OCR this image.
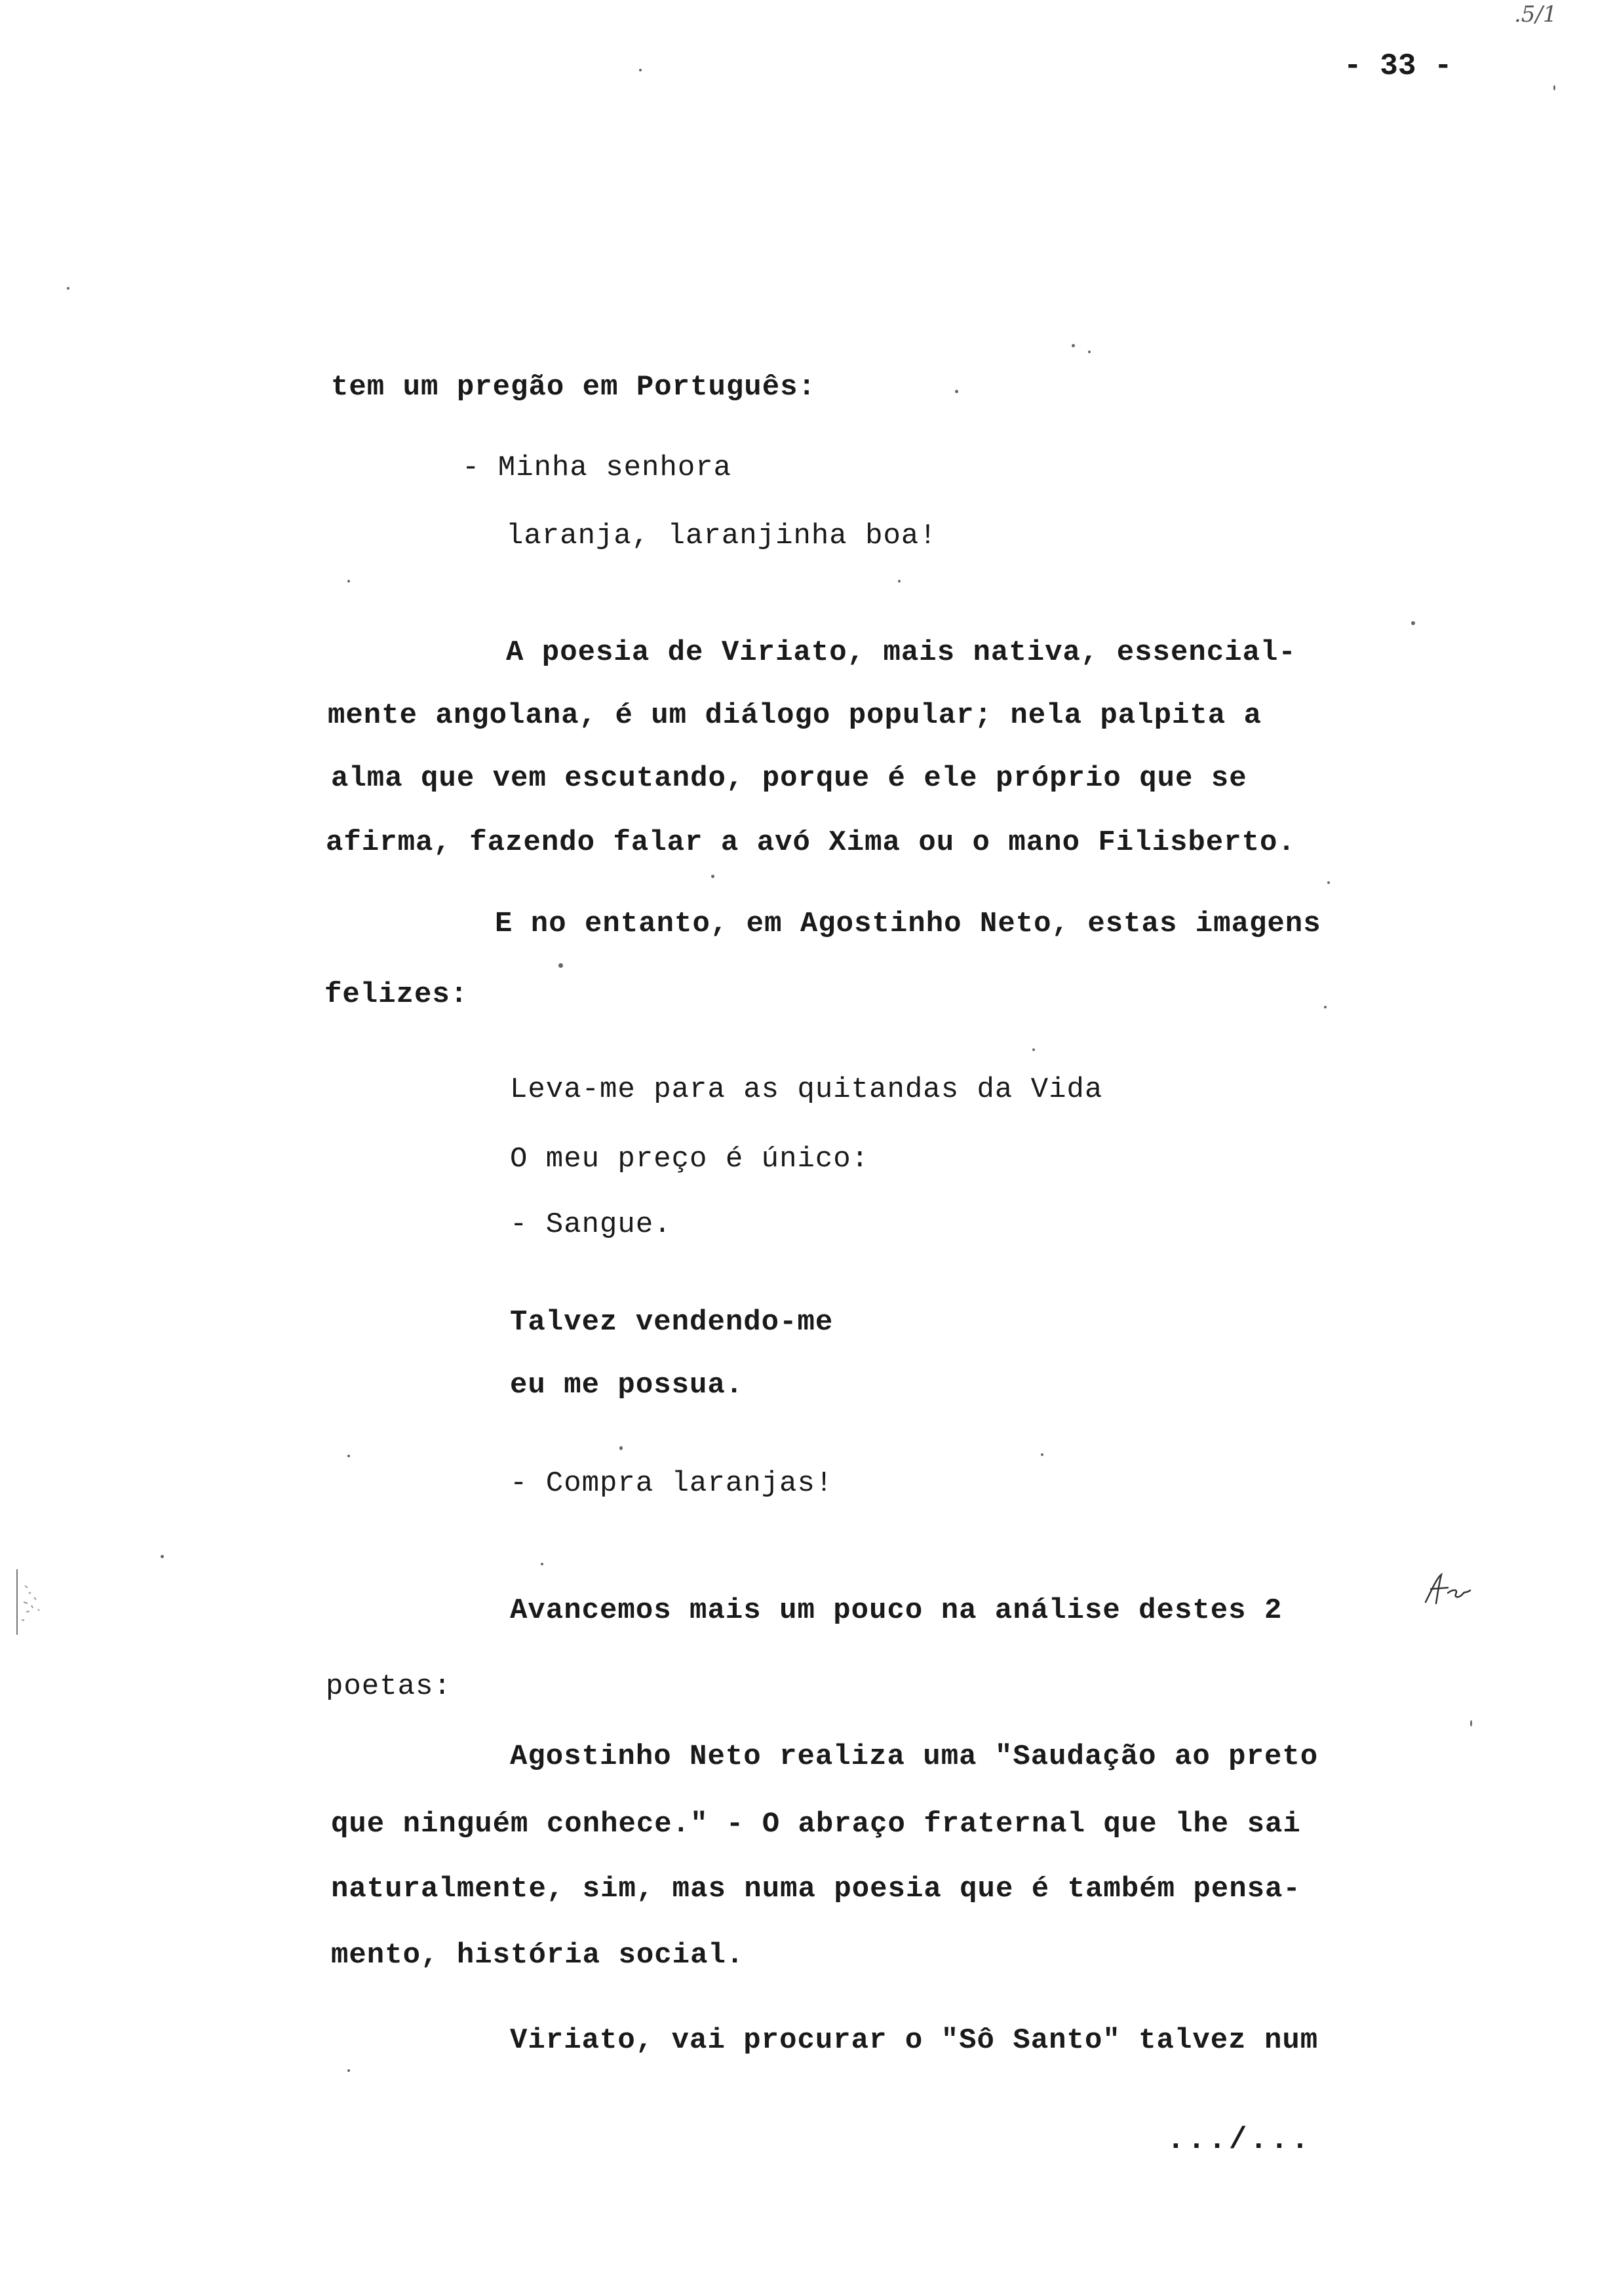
.5/1
- 33 -
tem um pregão em Português:
- Minha senhora
laranja, laranjinha boa!
A poesia de Viriato, mais nativa, essencial-
mente angolana, é um diálogo popular; nela palpita a
alma que vem escutando, porque é ele próprio que se
afirma, fazendo falar a avó Xima ou o mano Filisberto.
E no entanto, em Agostinho Neto, estas imagens
felizes:
Leva-me para as quitandas da Vida
O meu preço é único:
- Sangue.
Talvez vendendo-me
eu me possua.
- Compra laranjas!
Avancemos mais um pouco na análise destes 2
poetas:
Agostinho Neto realiza uma "Saudação ao preto
que ninguém conhece." - O abraço fraternal que lhe sai
naturalmente, sim, mas numa poesia que é também pensa-
mento, história social.
Viriato, vai procurar o "Sô Santo" talvez num
.../...
